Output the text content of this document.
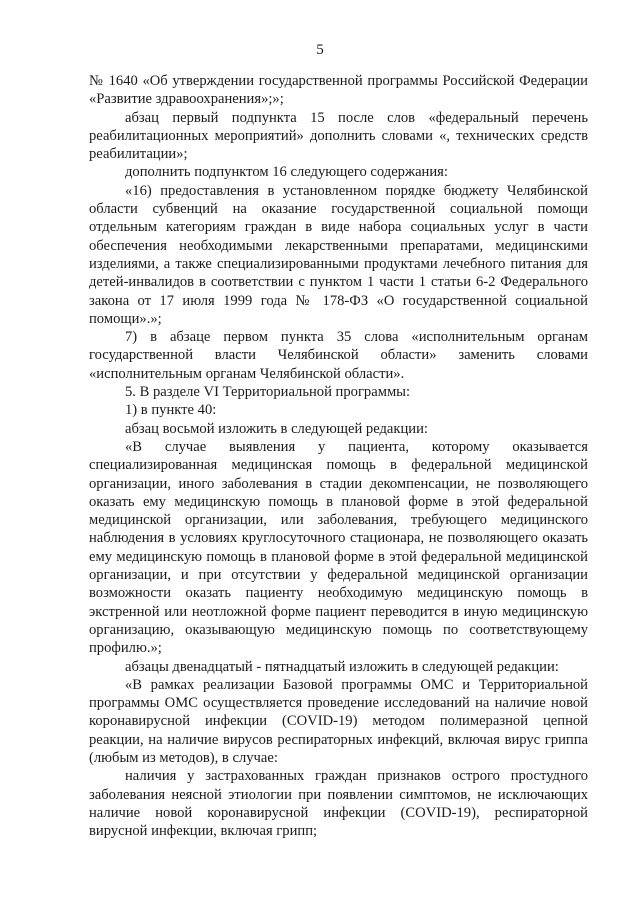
5

№ 1640 «Об утверждении государственной программы Российской Федерации «Развитие здравоохранения»;»;

абзац первый подпункта 15 после слов «федеральный перечень реабилитационных мероприятий» дополнить словами «, технических средств реабилитации»;

дополнить подпунктом 16 следующего содержания:

«16) предоставления в установленном порядке бюджету Челябинской области субвенций на оказание государственной социальной помощи отдельным категориям граждан в виде набора социальных услуг в части обеспечения необходимыми лекарственными препаратами, медицинскими изделиями, а также специализированными продуктами лечебного питания для детей-инвалидов в соответствии с пунктом 1 части 1 статьи 6-2 Федерального закона от 17 июля 1999 года № 178-ФЗ «О государственной социальной помощи».»;

7) в абзаце первом пункта 35 слова «исполнительным органам государственной власти Челябинской области» заменить словами «исполнительным органам Челябинской области».

5. В разделе VI Территориальной программы:

1) в пункте 40:

абзац восьмой изложить в следующей редакции:

«В случае выявления у пациента, которому оказывается специализированная медицинская помощь в федеральной медицинской организации, иного заболевания в стадии декомпенсации, не позволяющего оказать ему медицинскую помощь в плановой форме в этой федеральной медицинской организации, или заболевания, требующего медицинского наблюдения в условиях круглосуточного стационара, не позволяющего оказать ему медицинскую помощь в плановой форме в этой федеральной медицинской организации, и при отсутствии у федеральной медицинской организации возможности оказать пациенту необходимую медицинскую помощь в экстренной или неотложной форме пациент переводится в иную медицинскую организацию, оказывающую медицинскую помощь по соответствующему профилю.»;

абзацы двенадцатый - пятнадцатый изложить в следующей редакции:

«В рамках реализации Базовой программы ОМС и Территориальной программы ОМС осуществляется проведение исследований на наличие новой коронавирусной инфекции (COVID-19) методом полимеразной цепной реакции, на наличие вирусов респираторных инфекций, включая вирус гриппа (любым из методов), в случае:

наличия у застрахованных граждан признаков острого простудного заболевания неясной этиологии при появлении симптомов, не исключающих наличие новой коронавирусной инфекции (COVID-19), респираторной вирусной инфекции, включая грипп;
